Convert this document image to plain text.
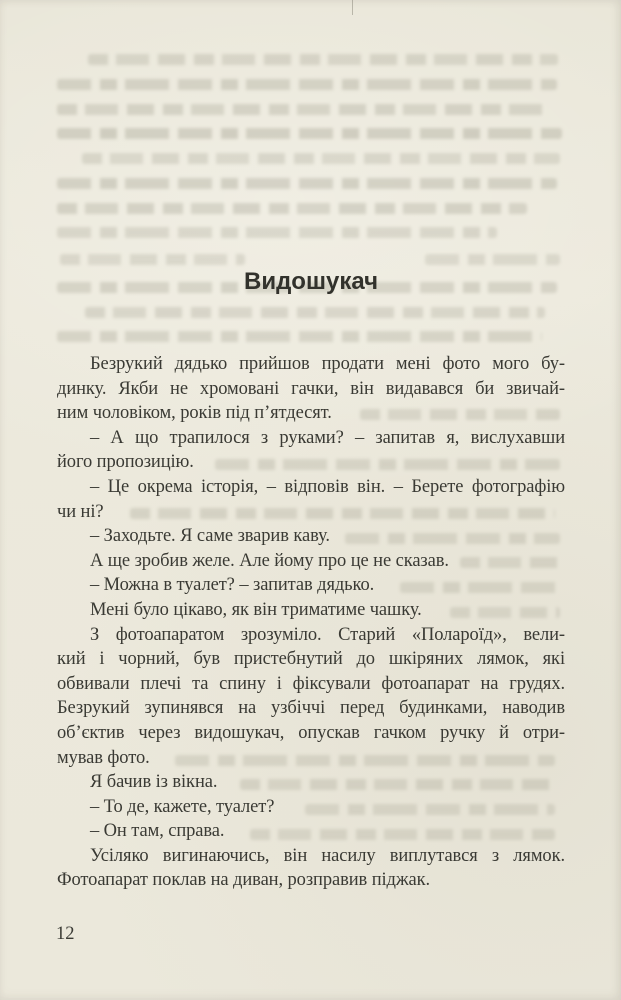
Видошукач
Безрукий дядько прийшов продати мені фото мого бу-
динку. Якби не хромовані гачки, він видавався би звичай-
ним чоловіком, років під п’ятдесят.
– А що трапилося з руками? – запитав я, вислухавши
його пропозицію.
– Це окрема історія, – відповів він. – Берете фотографію
чи ні?
– Заходьте. Я саме зварив каву.
А ще зробив желе. Але йому про це не сказав.
– Можна в туалет? – запитав дядько.
Мені було цікаво, як він триматиме чашку.
З фотоапаратом зрозуміло. Старий «Полароїд», вели-
кий і чорний, був пристебнутий до шкіряних лямок, які
обвивали плечі та спину і фіксували фотоапарат на грудях.
Безрукий зупинявся на узбіччі перед будинками, наводив
об’єктив через видошукач, опускав гачком ручку й отри-
мував фото.
Я бачив із вікна.
– То де, кажете, туалет?
– Он там, справа.
Усіляко вигинаючись, він насилу виплутався з лямок.
Фотоапарат поклав на диван, розправив піджак.
12
